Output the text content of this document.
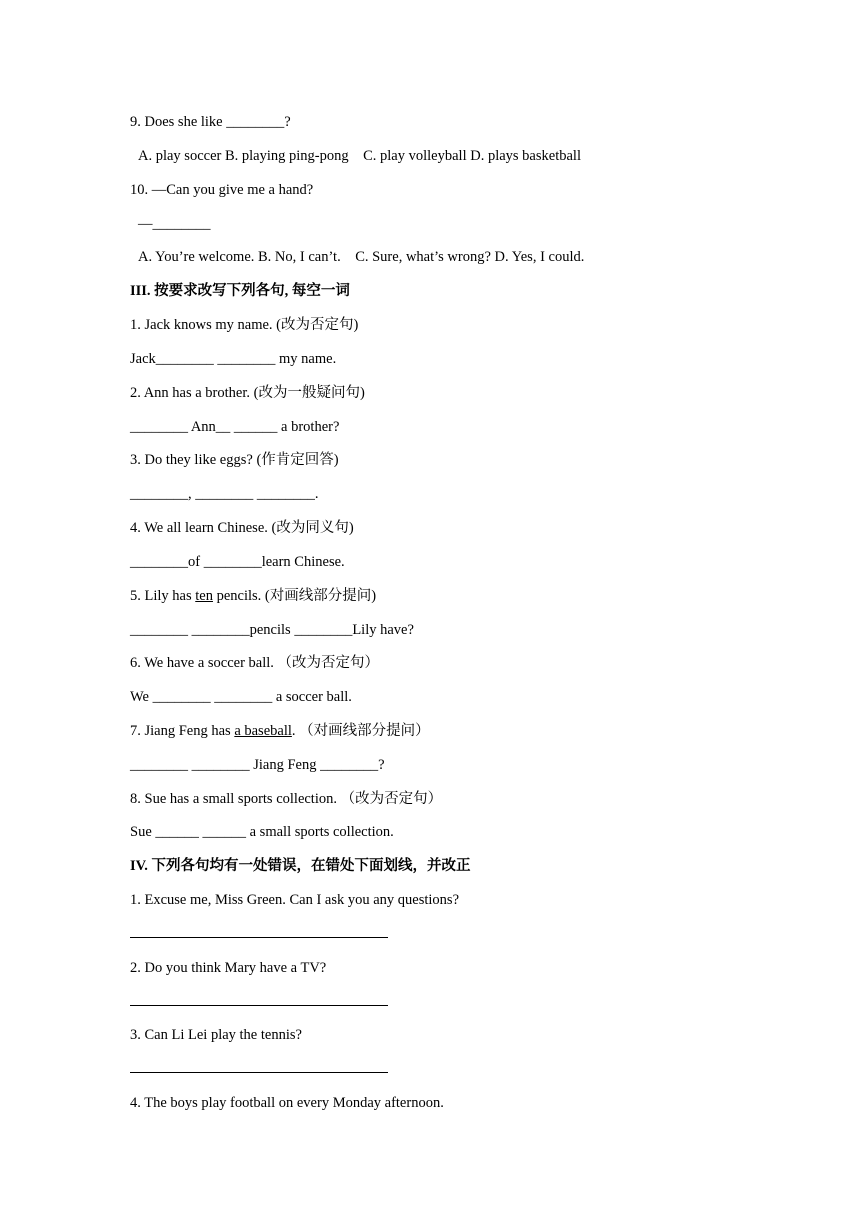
9. Does she like ________?
A. play soccer B. playing ping-pong    C. play volleyball D. plays basketball
10. —Can you give me a hand?
—________
A. You’re welcome. B. No, I can’t.    C. Sure, what’s wrong? D. Yes, I could.
III. 按要求改写下列各句, 每空一词
1. Jack knows my name. (改为否定句)
Jack________ ________ my name.
2. Ann has a brother. (改为一般疑问句)
________ Ann__ ______ a brother?
3. Do they like eggs? (作肯定回答)
________, ________ ________.
4. We all learn Chinese. (改为同义句)
________of ________learn Chinese.
5. Lily has ten pencils. (对画线部分提问)
________ ________pencils ________Lily have?
6. We have a soccer ball. （改为否定句）
We ________ ________ a soccer ball.
7. Jiang Feng has a baseball. （对画线部分提问）
________ ________ Jiang Feng ________?
8. Sue has a small sports collection. （改为否定句）
Sue ______ ______ a small sports collection.
IV. 下列各句均有一处错误，在错处下面划线，并改正
1. Excuse me, Miss Green. Can I ask you any questions?
2. Do you think Mary have a TV?
3. Can Li Lei play the tennis?
4. The boys play football on every Monday afternoon.
